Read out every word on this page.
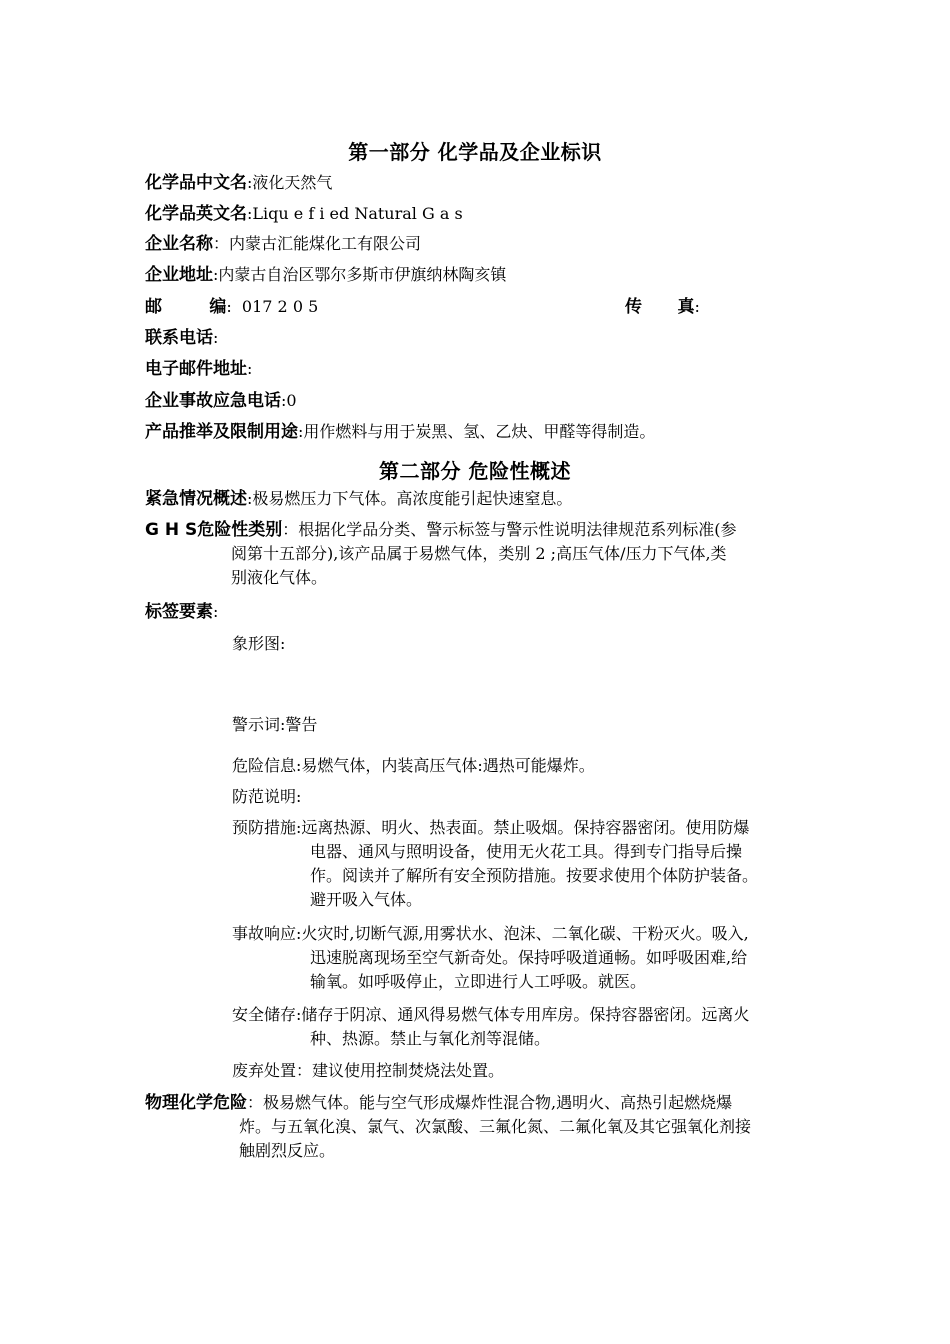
第一部分 化学品及企业标识
化学品中文名:液化天然气
化学品英文名:Liqu e f i ed Natural G a s
企业名称：内蒙古汇能煤化工有限公司
企业地址:内蒙古自治区鄂尔多斯市伊旗纳林陶亥镇
邮        编:  017 2 0 5	传      真:
联系电话:
电子邮件地址:
企业事故应急电话:0
产品推举及限制用途:用作燃料与用于炭黑、氢、乙炔、甲醛等得制造。
第二部分 危险性概述
紧急情况概述:极易燃压力下气体。高浓度能引起快速窒息。
G H S危险性类别：根据化学品分类、警示标签与警示性说明法律规范系列标准(参
阅第十五部分),该产品属于易燃气体，类别 2 ;高压气体/压力下气体,类
别液化气体。
标签要素:
象形图:
警示词:警告
危险信息:易燃气体，内装高压气体:遇热可能爆炸。
防范说明:
预防措施:远离热源、明火、热表面。禁止吸烟。保持容器密闭。使用防爆
电器、通风与照明设备，使用无火花工具。得到专门指导后操
作。阅读并了解所有安全预防措施。按要求使用个体防护装备。
避开吸入气体。
事故响应:火灾时,切断气源,用雾状水、泡沫、二氧化碳、干粉灭火。吸入,
迅速脱离现场至空气新奇处。保持呼吸道通畅。如呼吸困难,给
输氧。如呼吸停止，立即进行人工呼吸。就医。
安全储存:储存于阴凉、通风得易燃气体专用库房。保持容器密闭。远离火
种、热源。禁止与氧化剂等混储。
废弃处置：建议使用控制焚烧法处置。
物理化学危险：极易燃气体。能与空气形成爆炸性混合物,遇明火、高热引起燃烧爆
炸。与五氧化溴、氯气、次氯酸、三氟化氮、二氟化氧及其它强氧化剂接
触剧烈反应。
